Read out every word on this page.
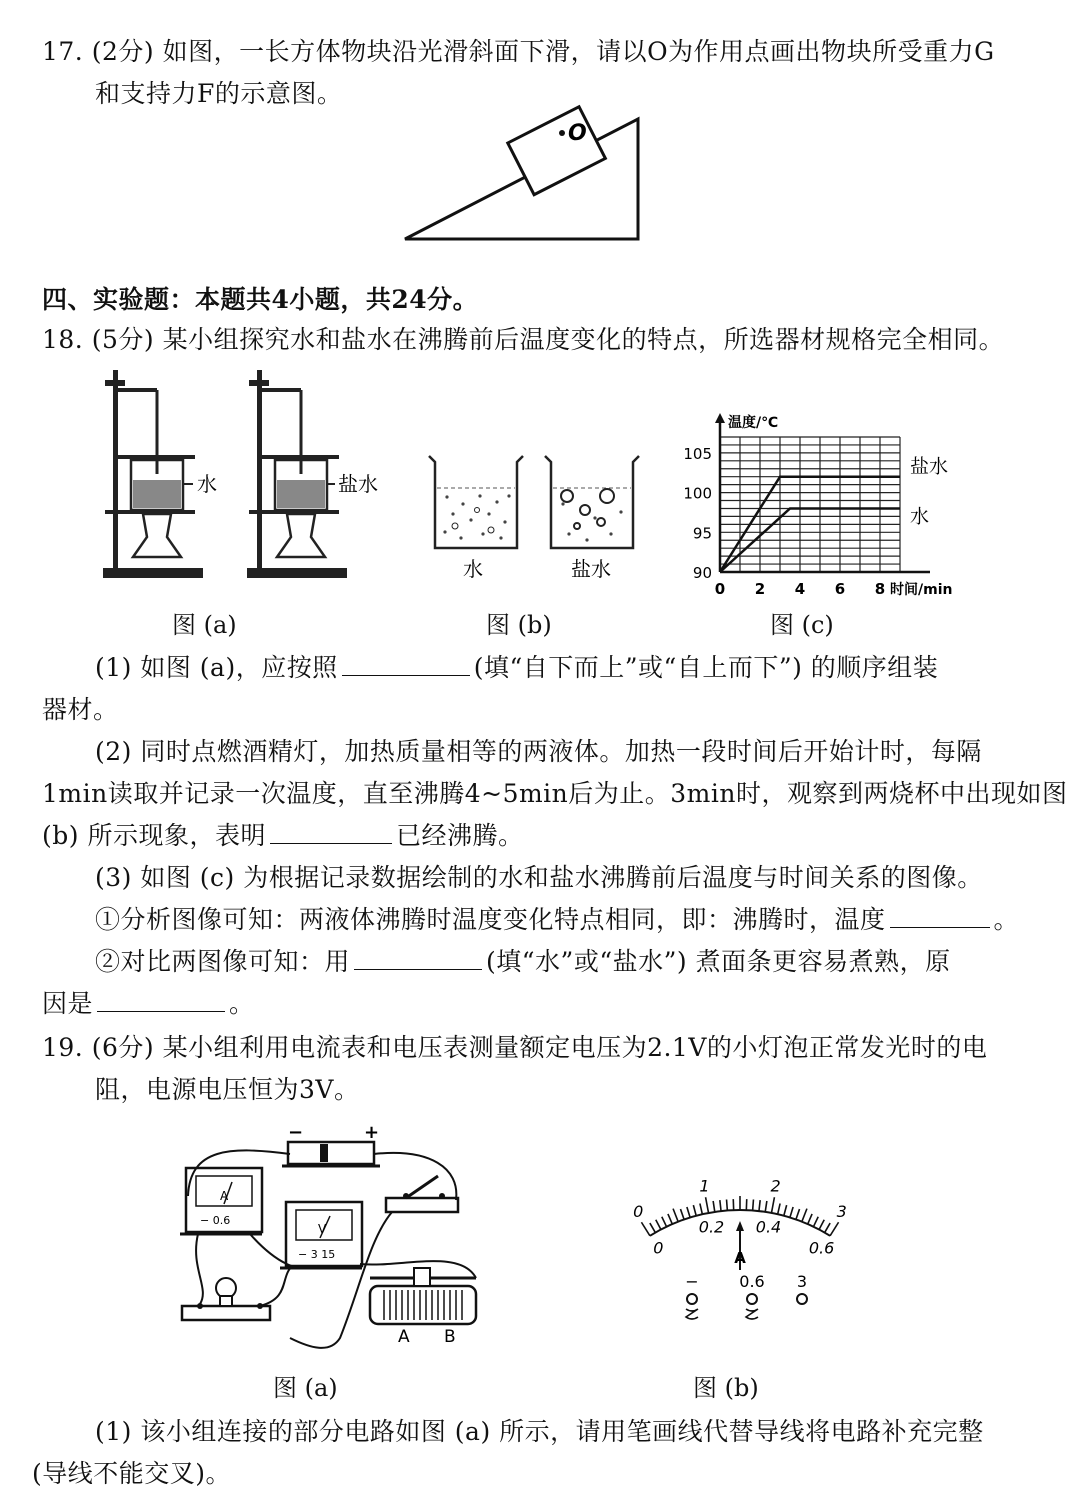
17. (2分) 如图，一长方体物块沿光滑斜面下滑，请以O为作用点画出物块所受重力G
和支持力F的示意图。
O
四、实验题：本题共4小题，共24分。
18. (5分) 某小组探究水和盐水在沸腾前后温度变化的特点，所选器材规格完全相同。
水	盐水
图 (a)
水	盐水
图 (b)
90
95
100
105
0 2 4 6 8
温度/℃
时间/min
盐水
水
图 (c)
(1) 如图 (a)，应按照	(填“自下而上”或“自上而下”) 的顺序组装
器材。
(2) 同时点燃酒精灯，加热质量相等的两液体。加热一段时间后开始计时，每隔
1min读取并记录一次温度，直至沸腾4~5min后为止。3min时，观察到两烧杯中出现如图
(b) 所示现象，表明	已经沸腾。
(3) 如图 (c) 为根据记录数据绘制的水和盐水沸腾前后温度与时间关系的图像。
①分析图像可知：两液体沸腾时温度变化特点相同，即：沸腾时，温度	。
②对比两图像可知：用	(填“水”或“盐水”) 煮面条更容易煮熟，原
因是	。
19. (6分) 某小组利用电流表和电压表测量额定电压为2.1V的小灯泡正常发光时的电
阻，电源电压恒为3V。
−	+
A
− 0.6
V
− 3 15
A B
图 (a)
0
1	2
3
0
0.2 0.4
0.6
A
−	0.6 3
图 (b)
(1) 该小组连接的部分电路如图 (a) 所示，请用笔画线代替导线将电路补充完整
(导线不能交叉)。
